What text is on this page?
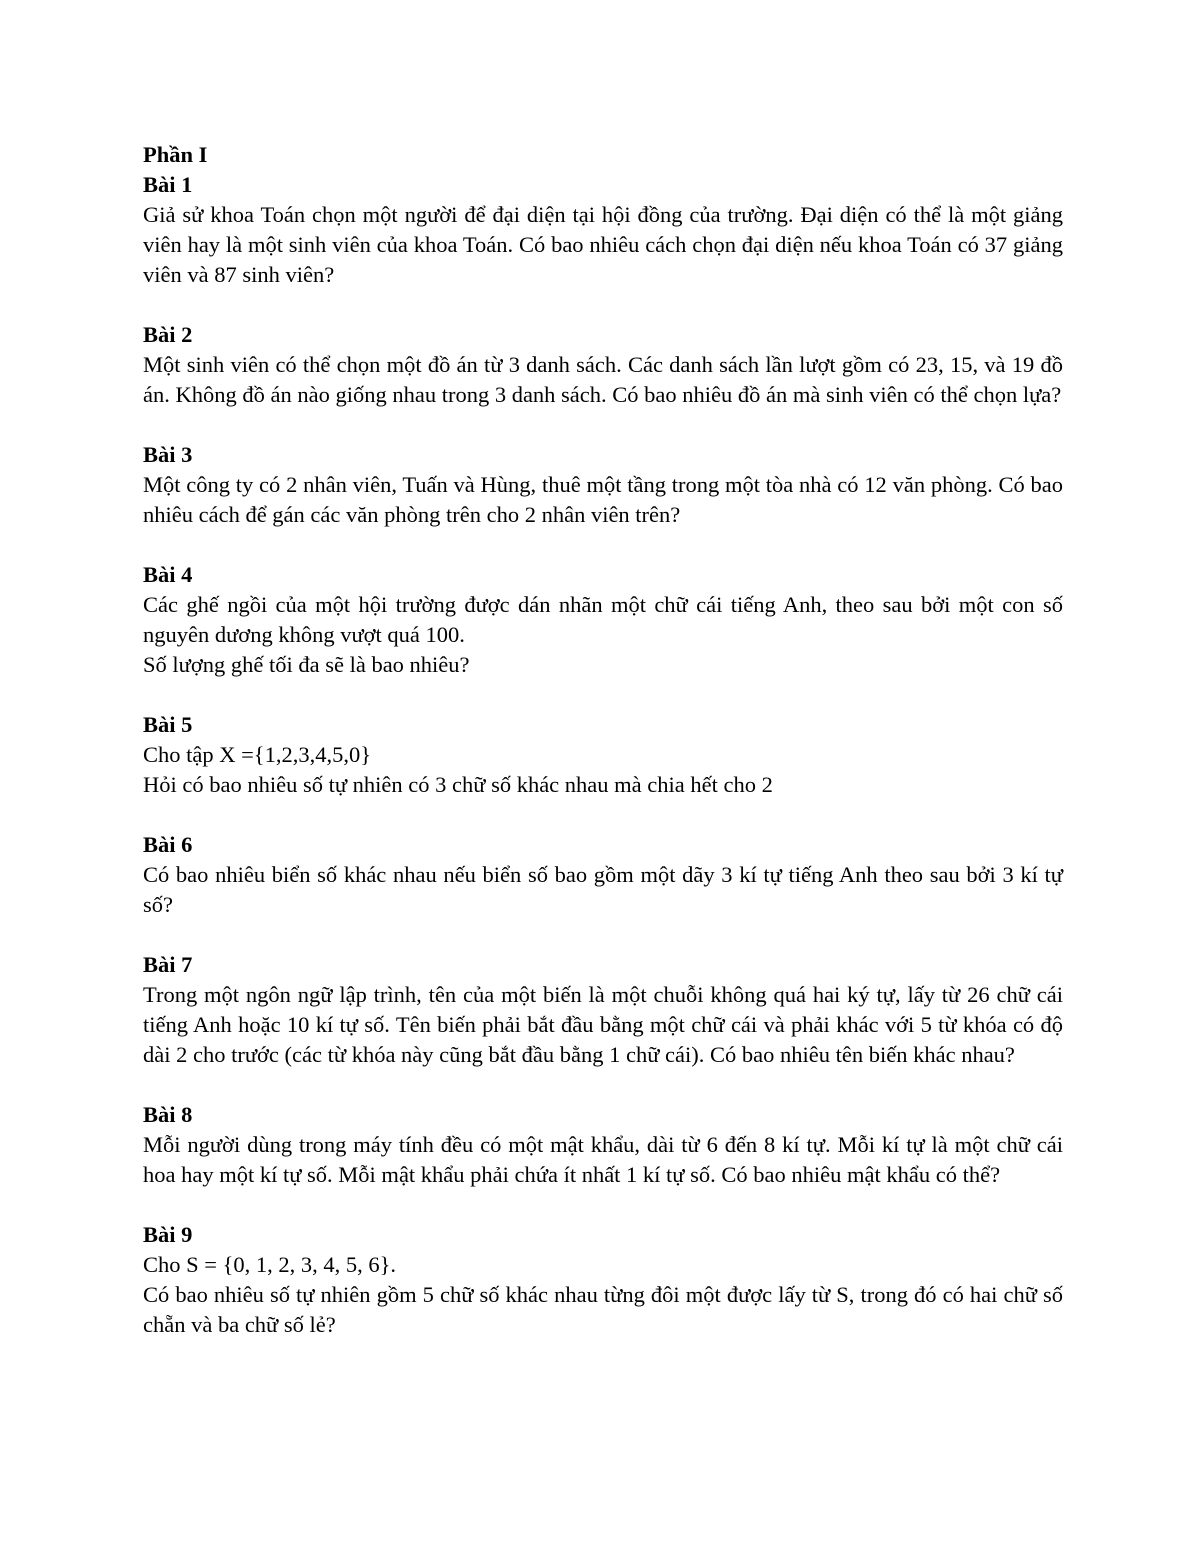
Phần I
Bài 1

Giả sử khoa Toán chọn một người để đại diện tại hội đồng của trường. Đại diện có thể là một giảng viên hay là một sinh viên của khoa Toán. Có bao nhiêu cách chọn đại diện nếu khoa Toán có 37 giảng viên và 87 sinh viên?

Bài 2

Một sinh viên có thể chọn một đồ án từ 3 danh sách. Các danh sách lần lượt gồm có 23, 15, và 19 đồ án. Không đồ án nào giống nhau trong 3 danh sách. Có bao nhiêu đồ án mà sinh viên có thể chọn lựa?

Bài 3

Một công ty có 2 nhân viên, Tuấn và Hùng, thuê một tầng trong một tòa nhà có 12 văn phòng. Có bao nhiêu cách để gán các văn phòng trên cho 2 nhân viên trên?

Bài 4

Các ghế ngồi của một hội trường được dán nhãn một chữ cái tiếng Anh, theo sau bởi một con số nguyên dương không vượt quá 100.

Số lượng ghế tối đa sẽ là bao nhiêu?

Bài 5

Cho tập X ={1,2,3,4,5,0}

Hỏi có bao nhiêu số tự nhiên có 3 chữ số khác nhau mà chia hết cho 2

Bài 6

Có bao nhiêu biển số khác nhau nếu biển số bao gồm một dãy 3 kí tự tiếng Anh theo sau bởi 3 kí tự số?

Bài 7

Trong một ngôn ngữ lập trình, tên của một biến là một chuỗi không quá hai ký tự, lấy từ 26 chữ cái tiếng Anh hoặc 10 kí tự số. Tên biến phải bắt đầu bằng một chữ cái và phải khác với 5 từ khóa có độ dài 2 cho trước (các từ khóa này cũng bắt đầu bằng 1 chữ cái). Có bao nhiêu tên biến khác nhau?

Bài 8

Mỗi người dùng trong máy tính đều có một mật khẩu, dài từ 6 đến 8 kí tự. Mỗi kí tự là một chữ cái hoa hay một kí tự số. Mỗi mật khẩu phải chứa ít nhất 1 kí tự số. Có bao nhiêu mật khẩu có thể?

Bài 9

Cho S = {0, 1, 2, 3, 4, 5, 6}.

Có bao nhiêu số tự nhiên gồm 5 chữ số khác nhau từng đôi một được lấy từ S, trong đó có hai chữ số chẵn và ba chữ số lẻ?
